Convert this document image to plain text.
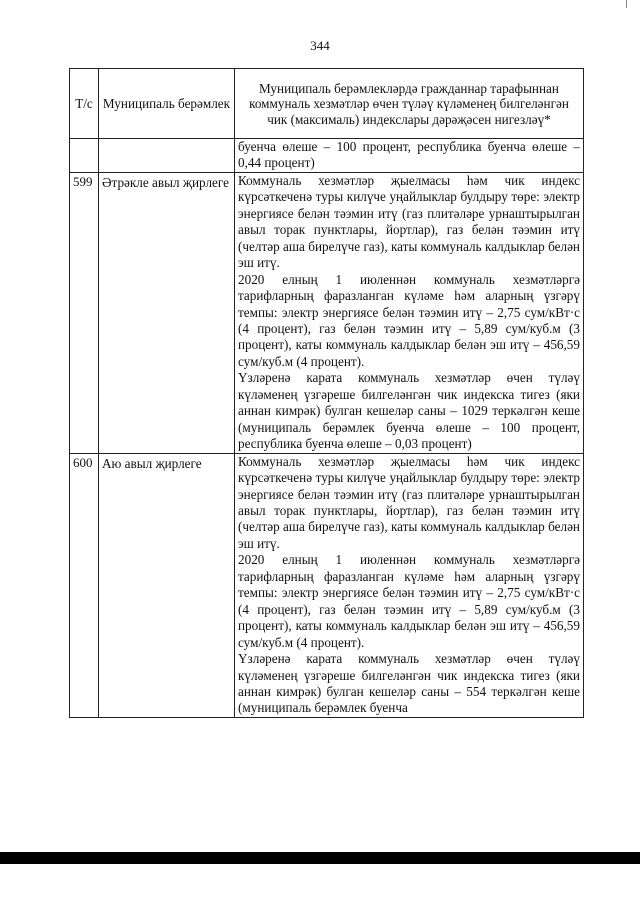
344
Т/с	Муниципаль берәмлек	Муниципаль берәмлекләрдә гражданнар тарафыннан коммуналь хезмәтләр өчен түләү күләменең билгеләнгән чик (максималь) индекслары дәрәҗәсен нигезләү*

		буенча өлеше – 100 процент, республика буенча өлеше – 0,44 процент)

599	Әтрәкле авыл җирлеге	Коммуналь хезмәтләр җыелмасы һәм чик индекс күрсәткеченә туры килүче уңайлыклар булдыру төре: электр энергиясе белән тәэмин итү (газ плитәләре урнаштырылган авыл торак пунктлары, йортлар), газ белән тәэмин итү (челтәр аша бирелүче газ), каты коммуналь калдыклар белән эш итү.

2020 елның 1 июленнән коммуналь хезмәтләргә тарифларның фаразланган күләме һәм аларның үзгәрү темпы: электр энергиясе белән тәэмин итү – 2,75 сум/кВт·с (4 процент), газ белән тәэмин итү – 5,89 сум/куб.м (3 процент), каты коммуналь калдыклар белән эш итү – 456,59 сум/куб.м (4 процент).

Үзләренә карата коммуналь хезмәтләр өчен түләү күләменең үзгәреше билгеләнгән чик индекска тигез (яки аннан кимрәк) булган кешеләр саны – 1029 теркәлгән кеше (муниципаль берәмлек буенча өлеше – 100 процент, республика буенча өлеше – 0,03 процент)

600	Аю авыл җирлеге	Коммуналь хезмәтләр җыелмасы һәм чик индекс күрсәткеченә туры килүче уңайлыклар булдыру төре: электр энергиясе белән тәэмин итү (газ плитәләре урнаштырылган авыл торак пунктлары, йортлар), газ белән тәэмин итү (челтәр аша бирелүче газ), каты коммуналь калдыклар белән эш итү.

2020 елның 1 июленнән коммуналь хезмәтләргә тарифларның фаразланган күләме һәм аларның үзгәрү темпы: электр энергиясе белән тәэмин итү – 2,75 сум/кВт·с (4 процент), газ белән тәэмин итү – 5,89 сум/куб.м (3 процент), каты коммуналь калдыклар белән эш итү – 456,59 сум/куб.м (4 процент).

Үзләренә карата коммуналь хезмәтләр өчен түләү күләменең үзгәреше билгеләнгән чик индекска тигез (яки аннан кимрәк) булган кешеләр саны – 554 теркәлгән кеше (муниципаль берәмлек буенча
